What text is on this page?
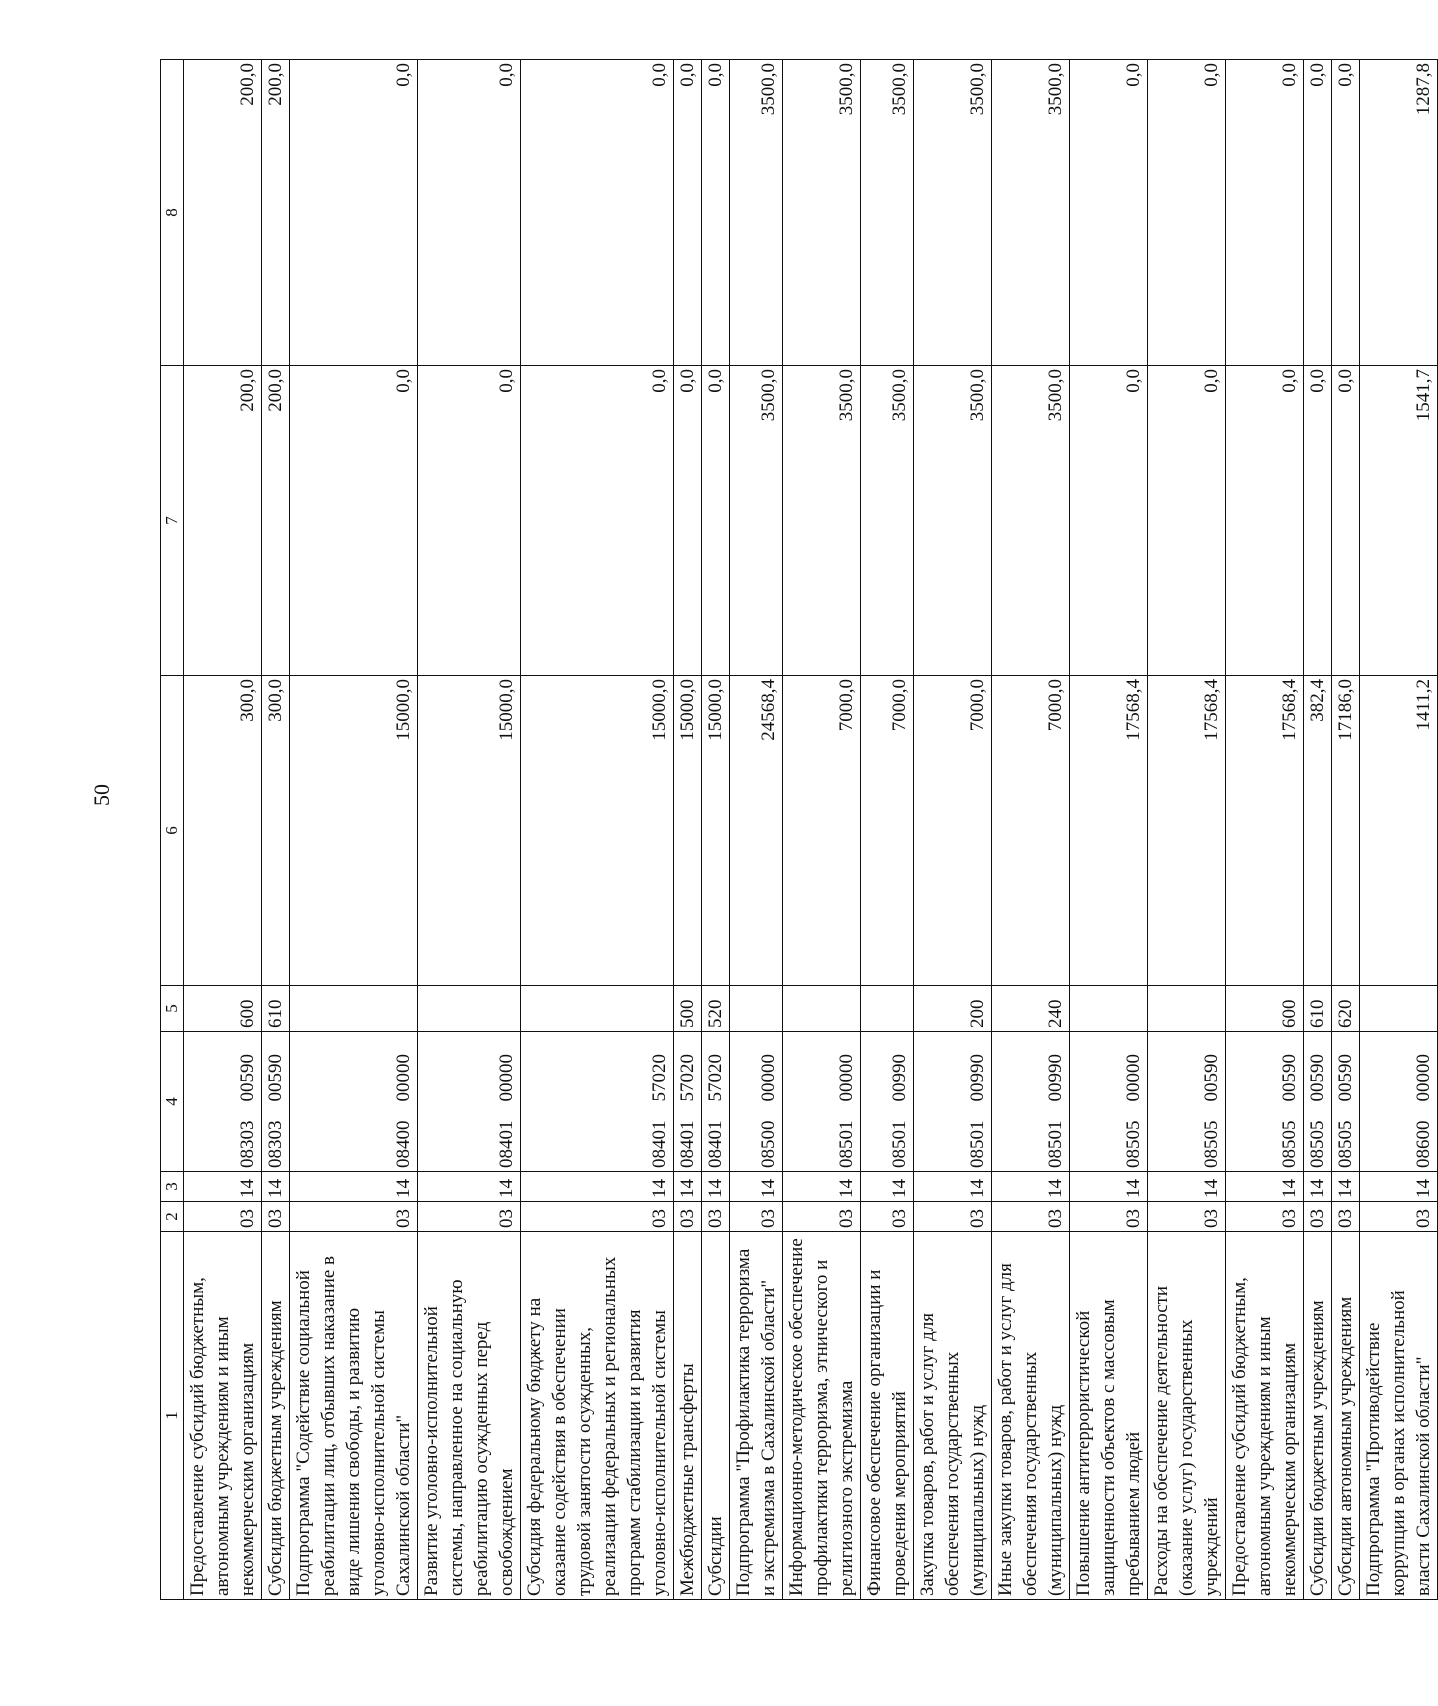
50
1	2	3	4	5	6	7	8
Предоставление субсидий бюджетным, автономным учреждениям и иным некоммерческим организациям	03	14	0830300590	600	300,0	200,0	200,0
Субсидии бюджетным учреждениям	03	14	0830300590	610	300,0	200,0	200,0
Подпрограмма "Содействие социальной реабилитации лиц, отбывших наказание в виде лишения свободы, и развитию уголовно-исполнительной системы Сахалинской области"	03	14	0840000000		15000,0	0,0	0,0
Развитие уголовно-исполнительной системы, направленное на социальную реабилитацию осужденных перед освобождением	03	14	0840100000		15000,0	0,0	0,0
Субсидия федеральному бюджету на оказание содействия в обеспечении трудовой занятости осужденных, реализации федеральных и региональных программ стабилизации и развития уголовно-исполнительной системы	03	14	0840157020		15000,0	0,0	0,0
Межбюджетные трансферты	03	14	0840157020	500	15000,0	0,0	0,0
Субсидии	03	14	0840157020	520	15000,0	0,0	0,0
Подпрограмма "Профилактика терроризма и экстремизма в Сахалинской области"	03	14	0850000000		24568,4	3500,0	3500,0
Информационно-методическое обеспечение профилактики терроризма, этнического и религиозного экстремизма	03	14	0850100000		7000,0	3500,0	3500,0
Финансовое обеспечение организации и проведения мероприятий	03	14	0850100990		7000,0	3500,0	3500,0
Закупка товаров, работ и услуг для обеспечения государственных (муниципальных) нужд	03	14	0850100990	200	7000,0	3500,0	3500,0
Иные закупки товаров, работ и услуг для обеспечения государственных (муниципальных) нужд	03	14	0850100990	240	7000,0	3500,0	3500,0
Повышение антитеррористической защищенности объектов с массовым пребыванием людей	03	14	0850500000		17568,4	0,0	0,0
Расходы на обеспечение деятельности (оказание услуг) государственных учреждений	03	14	0850500590		17568,4	0,0	0,0
Предоставление субсидий бюджетным, автономным учреждениям и иным некоммерческим организациям	03	14	0850500590	600	17568,4	0,0	0,0
Субсидии бюджетным учреждениям	03	14	0850500590	610	382,4	0,0	0,0
Субсидии автономным учреждениям	03	14	0850500590	620	17186,0	0,0	0,0
Подпрограмма "Противодействие коррупции в органах исполнительной власти Сахалинской области"	03	14	0860000000		1411,2	1541,7	1287,8
